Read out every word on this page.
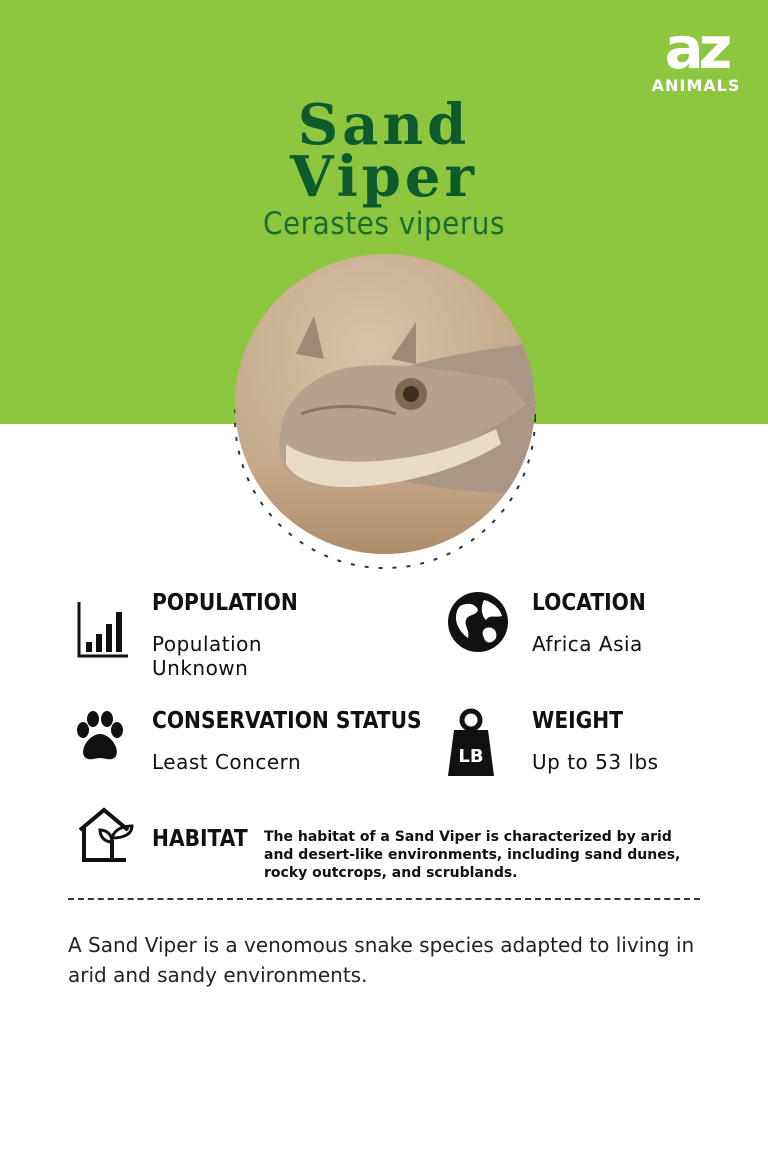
az
ANIMALS
Sand
Viper
Cerastes viperus
POPULATION
Population Unknown
LOCATION
Africa Asia
CONSERVATION STATUS
Least Concern	LB
WEIGHT
Up to 53 lbs
HABITAT The habitat of a Sand Viper is characterized by arid and desert-like environments, including sand dunes, rocky outcrops, and scrublands.
A Sand Viper is a venomous snake species adapted to living in arid and sandy environments.
